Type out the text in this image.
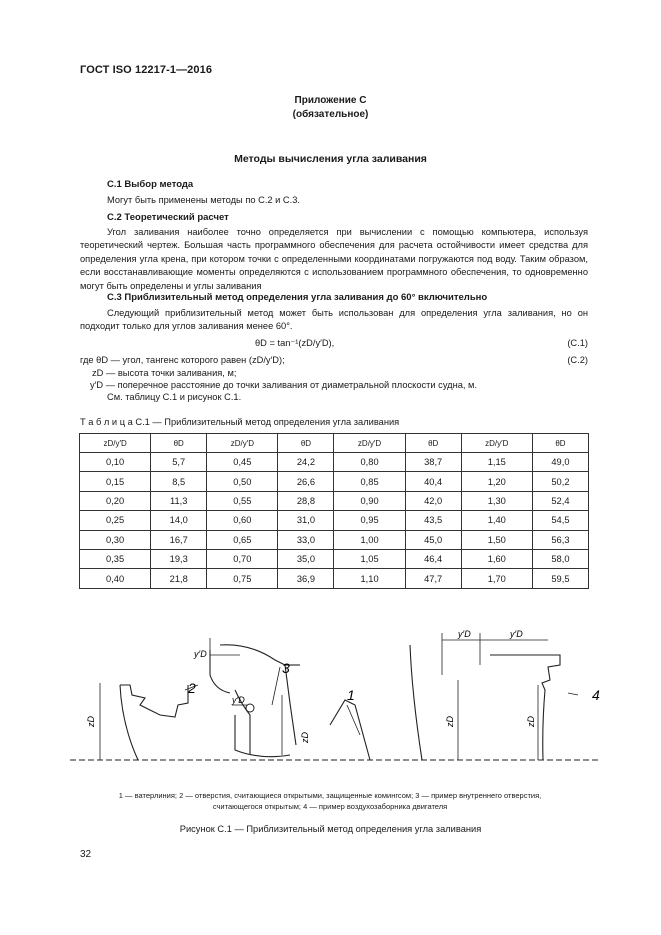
ГОСТ ISO 12217-1—2016
Приложение С
(обязательное)
Методы вычисления угла заливания
С.1 Выбор метода
Могут быть применены методы по С.2 и С.3.
С.2 Теоретический расчет
Угол заливания наиболее точно определяется при вычислении с помощью компьютера, используя теоретический чертеж. Большая часть программного обеспечения для расчета остойчивости имеет средства для определения угла крена, при котором точки с определенными координатами погружаются под воду. Таким образом, если восстанавливающие моменты определяются с использованием программного обеспечения, то одновременно могут быть определены и углы заливания
С.3 Приблизительный метод определения угла заливания до 60° включительно
Следующий приблизительный метод может быть использован для определения угла заливания, но он подходит только для углов заливания менее 60°.
θD = tan⁻¹(zD/y′D),	(С.1)
где θD — угол, тангенс которого равен (zD/y′D);	(С.2)
zD — высота точки заливания, м;
y′D — поперечное расстояние до точки заливания от диаметральной плоскости судна, м.
См. таблицу С.1 и рисунок С.1.
Т а б л и ц а С.1 — Приблизительный метод определения угла заливания
zD/y′D	θD	zD/y′D	θD	zD/y′D	θD	zD/y′D	θD
0,10	5,7	0,45	24,2	0,80	38,7	1,15	49,0
0,15	8,5	0,50	26,6	0,85	40,4	1,20	50,2
0,20	11,3	0,55	28,8	0,90	42,0	1,30	52,4
0,25	14,0	0,60	31,0	0,95	43,5	1,40	54,5
0,30	16,7	0,65	33,0	1,00	45,0	1,50	56,3
0,35	19,3	0,70	35,0	1,05	46,4	1,60	58,0
0,40	21,8	0,75	36,9	1,10	47,7	1,70	59,5
y′D
y′D
y′D	y′D
zD
zD
zD	zD
1
2
3
4
1 — ватерлиния; 2 — отверстия, считающиеся открытыми, защищенные комингсом; 3 — пример внутреннего отверстия,
считающегося открытым; 4 — пример воздухозаборника двигателя
Рисунок С.1 — Приблизительный метод определения угла заливания
32
